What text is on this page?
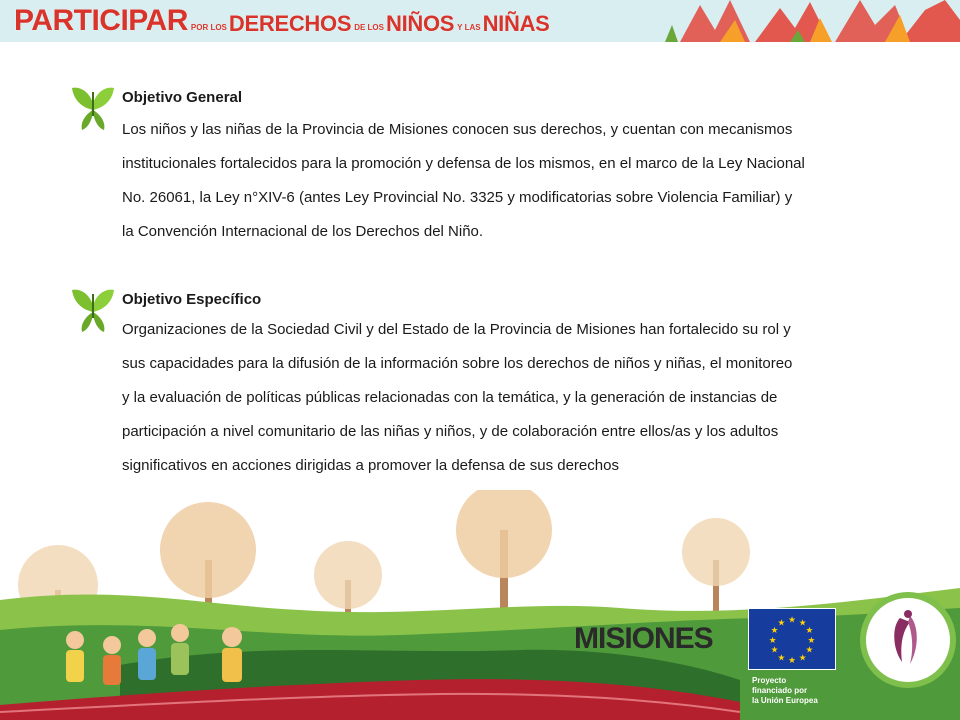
PARTICIPAR POR LOS DERECHOS DE LOS NIÑOS Y LAS NIÑAS
Objetivo General
Los niños y las niñas de la Provincia de Misiones conocen sus derechos, y cuentan con mecanismos
institucionales fortalecidos para la promoción y defensa de los mismos, en el marco de la Ley Nacional
No. 26061, la Ley n°XIV-6 (antes Ley Provincial No. 3325 y modificatorias sobre Violencia Familiar) y
la Convención Internacional de los Derechos del Niño.
Objetivo Específico
Organizaciones de la Sociedad Civil y del Estado de la Provincia de Misiones han fortalecido su rol y
sus capacidades para la difusión de la información sobre los derechos de niños y niñas, el monitoreo
y la evaluación de políticas públicas relacionadas con la temática, y la generación de instancias de
participación a nivel comunitario de las niñas y niños, y de colaboración entre ellos/as y los adultos
significativos en acciones dirigidas a promover la defensa de sus derechos
MISIONES
★ ★
★
★
★
★
★
★
★
★
★
★
Proyecto
financiado por
la Unión Europea
